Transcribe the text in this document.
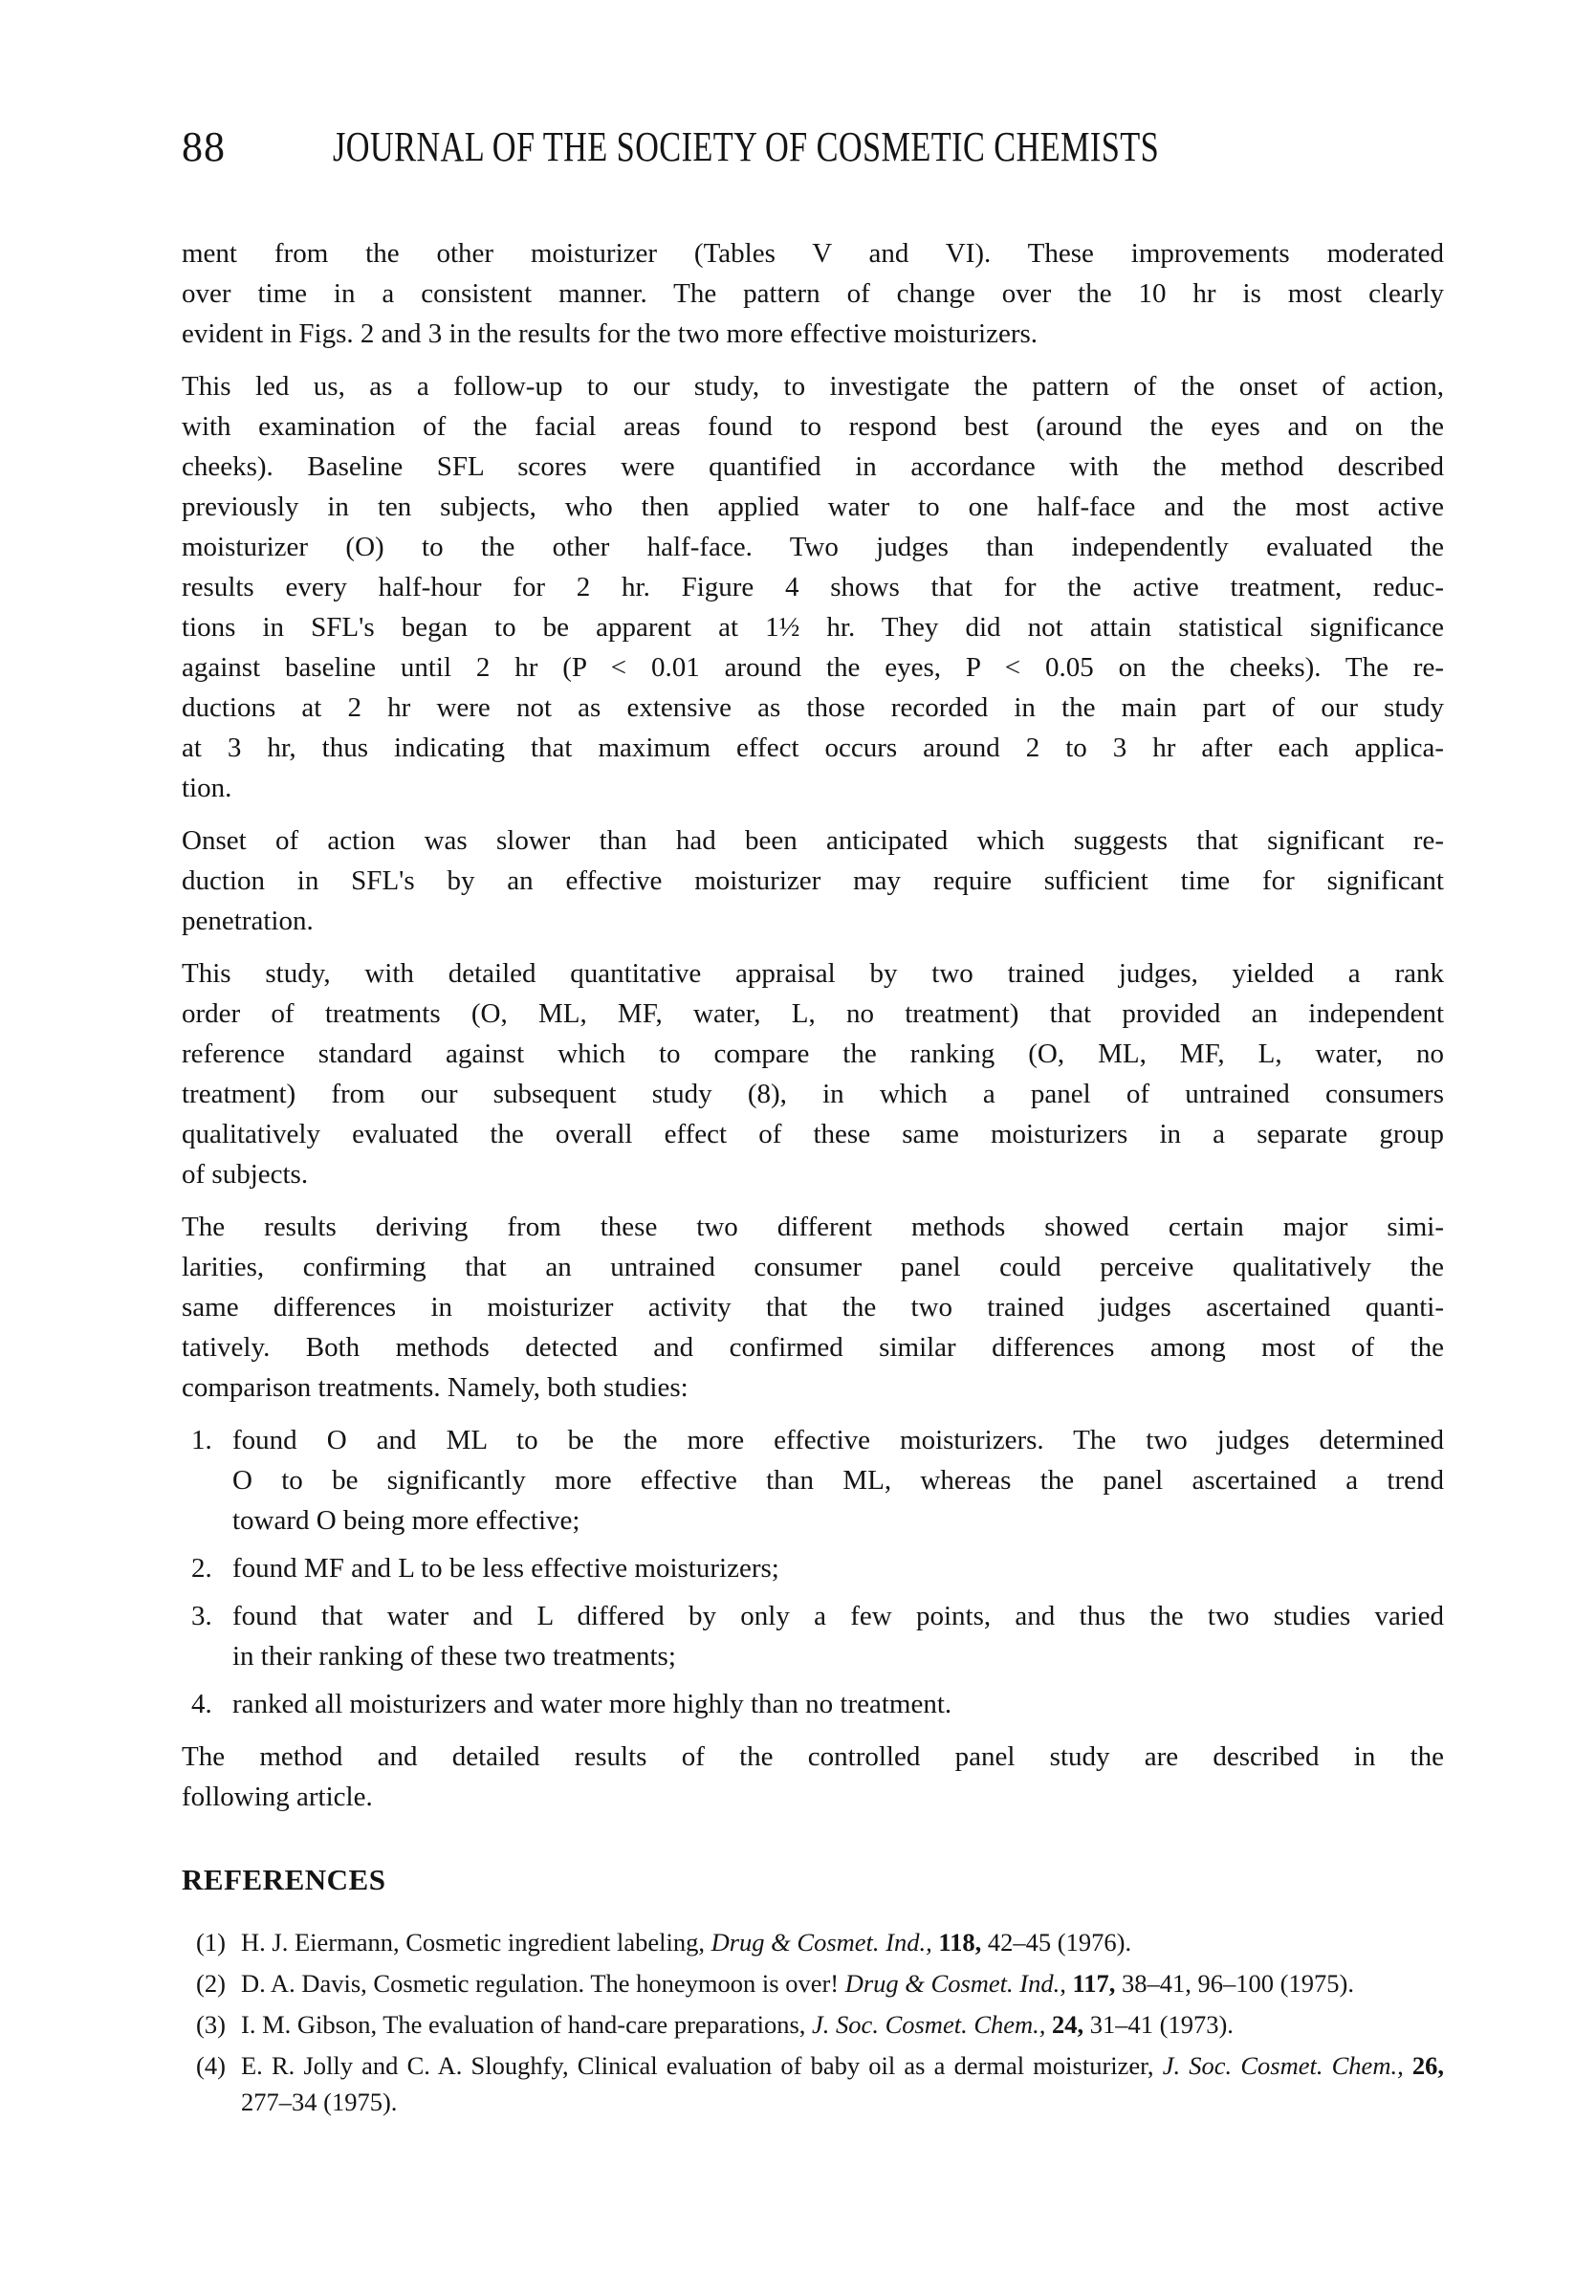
88	JOURNAL OF THE SOCIETY OF COSMETIC CHEMISTS
ment from the other moisturizer (Tables V and VI). These improvements moderated
over time in a consistent manner. The pattern of change over the 10 hr is most clearly
evident in Figs. 2 and 3 in the results for the two more effective moisturizers.
This led us, as a follow-up to our study, to investigate the pattern of the onset of action,
with examination of the facial areas found to respond best (around the eyes and on the
cheeks). Baseline SFL scores were quantified in accordance with the method described
previously in ten subjects, who then applied water to one half-face and the most active
moisturizer (O) to the other half-face. Two judges than independently evaluated the
results every half-hour for 2 hr. Figure 4 shows that for the active treatment, reduc-
tions in SFL's began to be apparent at 1½ hr. They did not attain statistical significance
against baseline until 2 hr (P < 0.01 around the eyes, P < 0.05 on the cheeks). The re-
ductions at 2 hr were not as extensive as those recorded in the main part of our study
at 3 hr, thus indicating that maximum effect occurs around 2 to 3 hr after each applica-
tion.
Onset of action was slower than had been anticipated which suggests that significant re-
duction in SFL's by an effective moisturizer may require sufficient time for significant
penetration.
This study, with detailed quantitative appraisal by two trained judges, yielded a rank
order of treatments (O, ML, MF, water, L, no treatment) that provided an independent
reference standard against which to compare the ranking (O, ML, MF, L, water, no
treatment) from our subsequent study (8), in which a panel of untrained consumers
qualitatively evaluated the overall effect of these same moisturizers in a separate group
of subjects.
The results deriving from these two different methods showed certain major simi-
larities, confirming that an untrained consumer panel could perceive qualitatively the
same differences in moisturizer activity that the two trained judges ascertained quanti-
tatively. Both methods detected and confirmed similar differences among most of the
comparison treatments. Namely, both studies:
1. found O and ML to be the more effective moisturizers. The two judges determined
O to be significantly more effective than ML, whereas the panel ascertained a trend
toward O being more effective;
2. found MF and L to be less effective moisturizers;
3. found that water and L differed by only a few points, and thus the two studies varied
in their ranking of these two treatments;
4. ranked all moisturizers and water more highly than no treatment.
The method and detailed results of the controlled panel study are described in the
following article.
REFERENCES
(1) H. J. Eiermann, Cosmetic ingredient labeling, Drug & Cosmet. Ind., 118, 42–45 (1976).
(2) D. A. Davis, Cosmetic regulation. The honeymoon is over! Drug & Cosmet. Ind., 117, 38–41, 96–100 (1975).
(3) I. M. Gibson, The evaluation of hand-care preparations, J. Soc. Cosmet. Chem., 24, 31–41 (1973).
(4) E. R. Jolly and C. A. Sloughfy, Clinical evaluation of baby oil as a dermal moisturizer, J. Soc. Cosmet. Chem., 26, 277–34 (1975).
